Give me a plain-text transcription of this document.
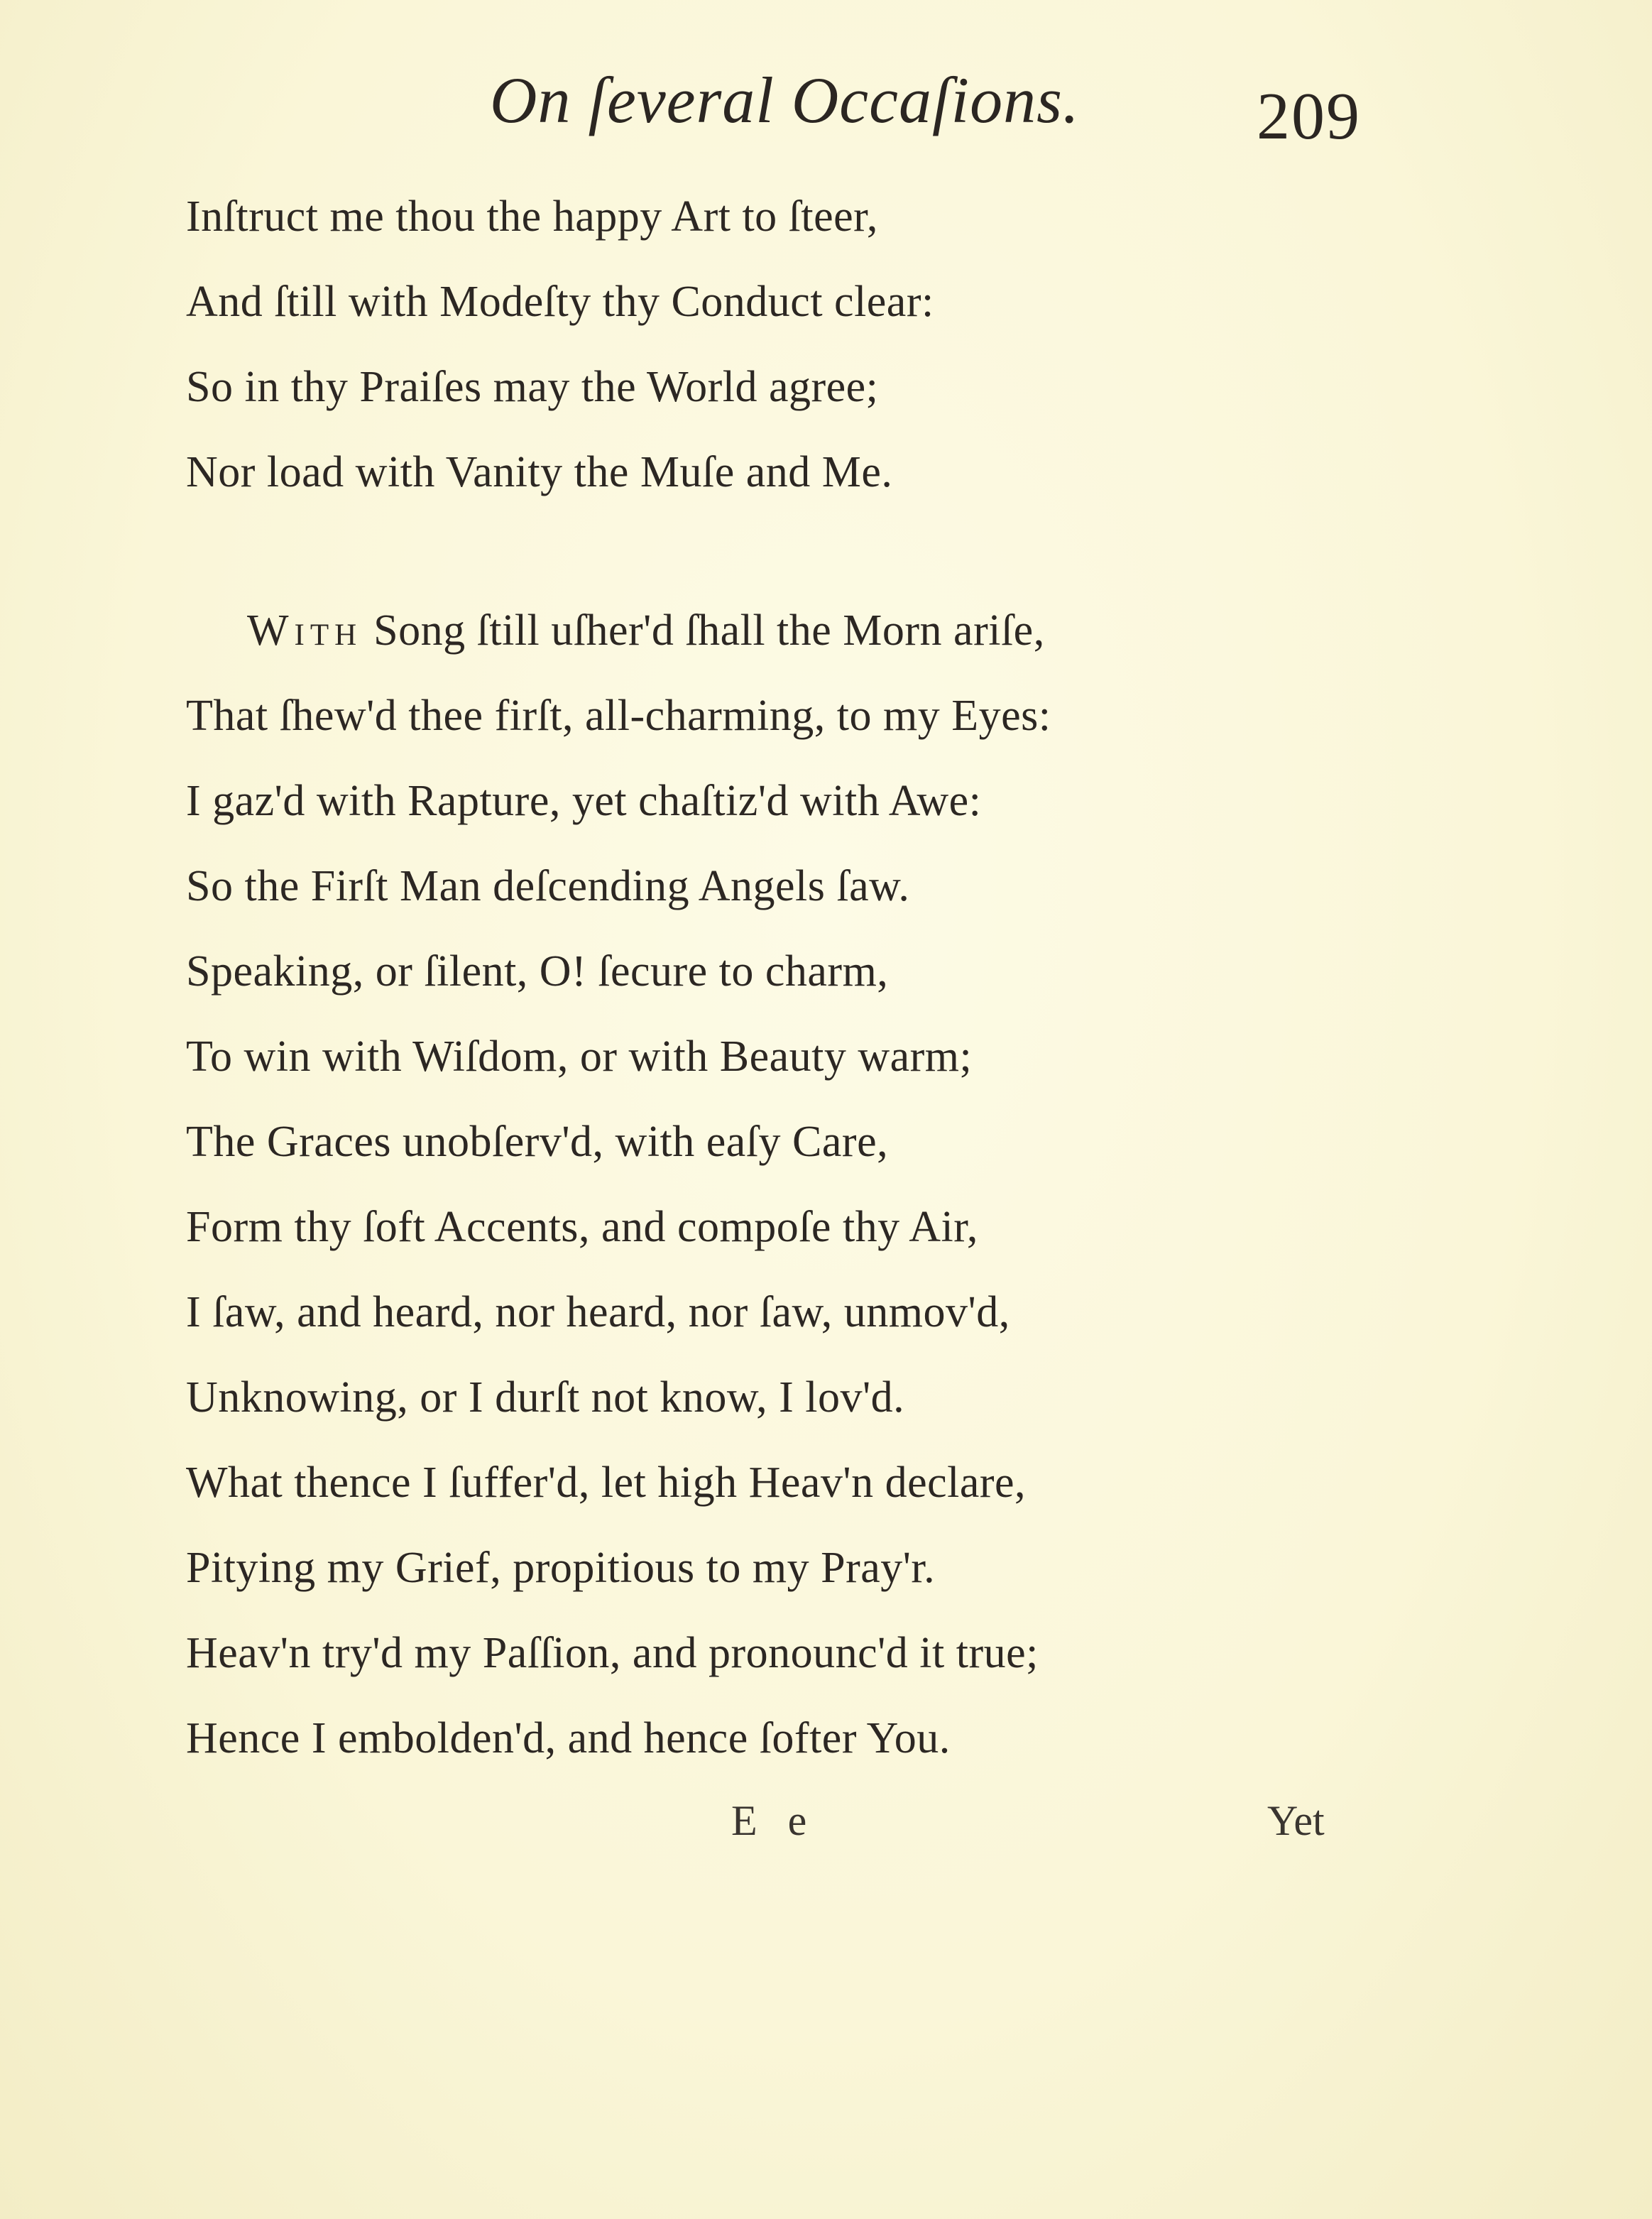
On ſeveral Occaſions.	209
Inſtruct me thou the happy Art to ſteer,
And ſtill with Modeſty thy Conduct clear:
So in thy Praiſes may the World agree;
Nor load with Vanity the Muſe and Me.
With Song ſtill uſher'd ſhall the Morn ariſe,
That ſhew'd thee firſt, all-charming, to my Eyes:
I gaz'd with Rapture, yet chaſtiz'd with Awe:
So the Firſt Man deſcending Angels ſaw.
Speaking, or ſilent, O! ſecure to charm,
To win with Wiſdom, or with Beauty warm;
The Graces unobſerv'd, with eaſy Care,
Form thy ſoft Accents, and compoſe thy Air,
I ſaw, and heard, nor heard, nor ſaw, unmov'd,
Unknowing, or I durſt not know, I lov'd.
What thence I ſuffer'd, let high Heav'n declare,
Pitying my Grief, propitious to my Pray'r.
Heav'n try'd my Paſſion, and pronounc'd it true;
Hence I embolden'd, and hence ſofter You.
E e	Yet
